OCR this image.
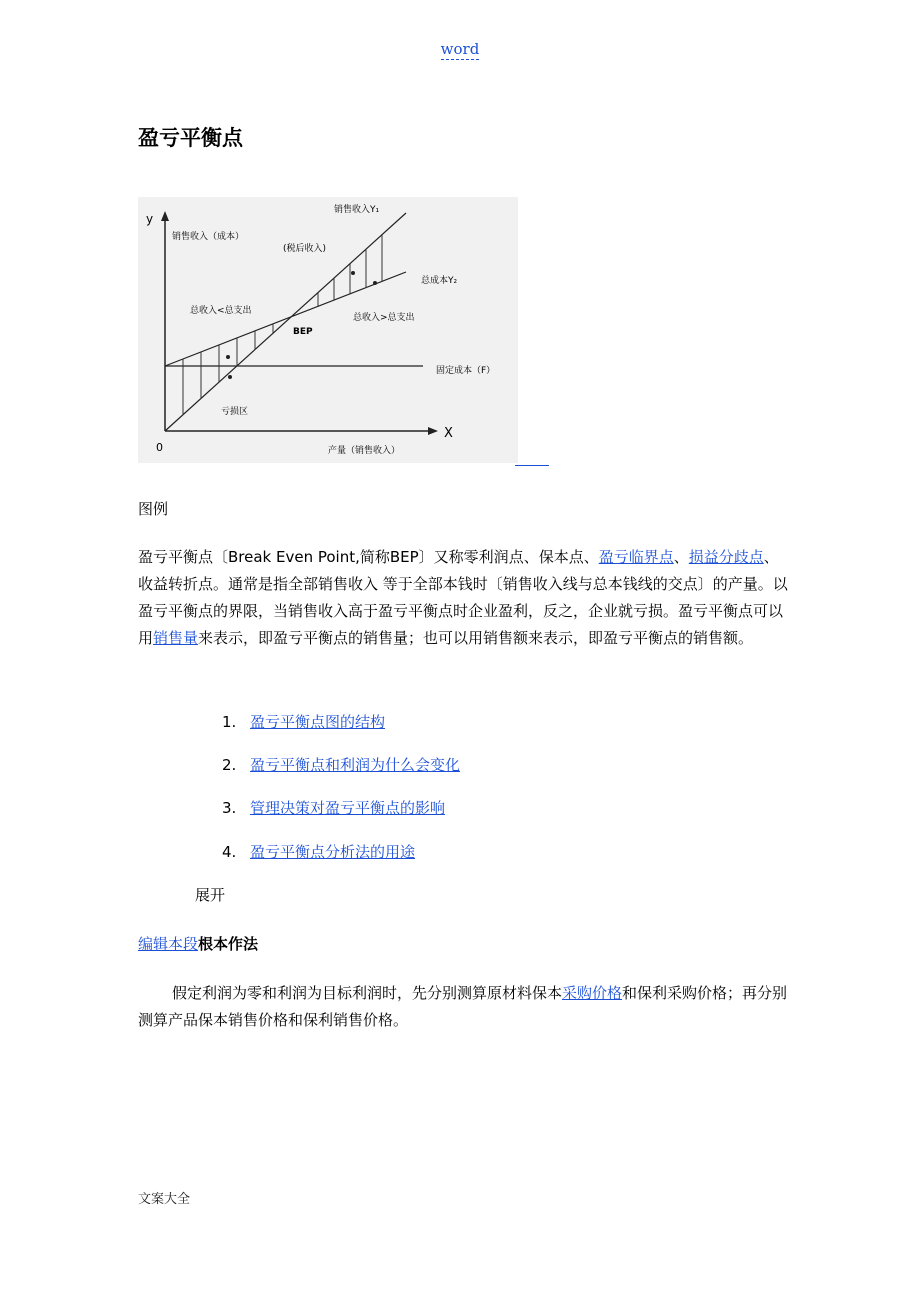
word
盈亏平衡点
y
X
0
销售收入Y₁
销售收入（成本）
(税后收入)
总成本Y₂
总收入<总支出
总收入>总支出
BEP
固定成本（F）
亏损区
产量（销售收入）
图例
盈亏平衡点〔Break Even Point,简称BEP〕又称零利润点、保本点、盈亏临界点、损益分歧点、收益转折点。通常是指全部销售收入 等于全部本钱时〔销售收入线与总本钱线的交点〕的产量。以盈亏平衡点的界限，当销售收入高于盈亏平衡点时企业盈利，反之，企业就亏损。盈亏平衡点可以用销售量来表示，即盈亏平衡点的销售量；也可以用销售额来表示，即盈亏平衡点的销售额。
1. 盈亏平衡点图的结构
2. 盈亏平衡点和利润为什么会变化
3. 管理决策对盈亏平衡点的影响
4. 盈亏平衡点分析法的用途
展开
编辑本段根本作法
假定利润为零和利润为目标利润时，先分别测算原材料保本采购价格和保利采购价格；再分别测算产品保本销售价格和保利销售价格。
文案大全
